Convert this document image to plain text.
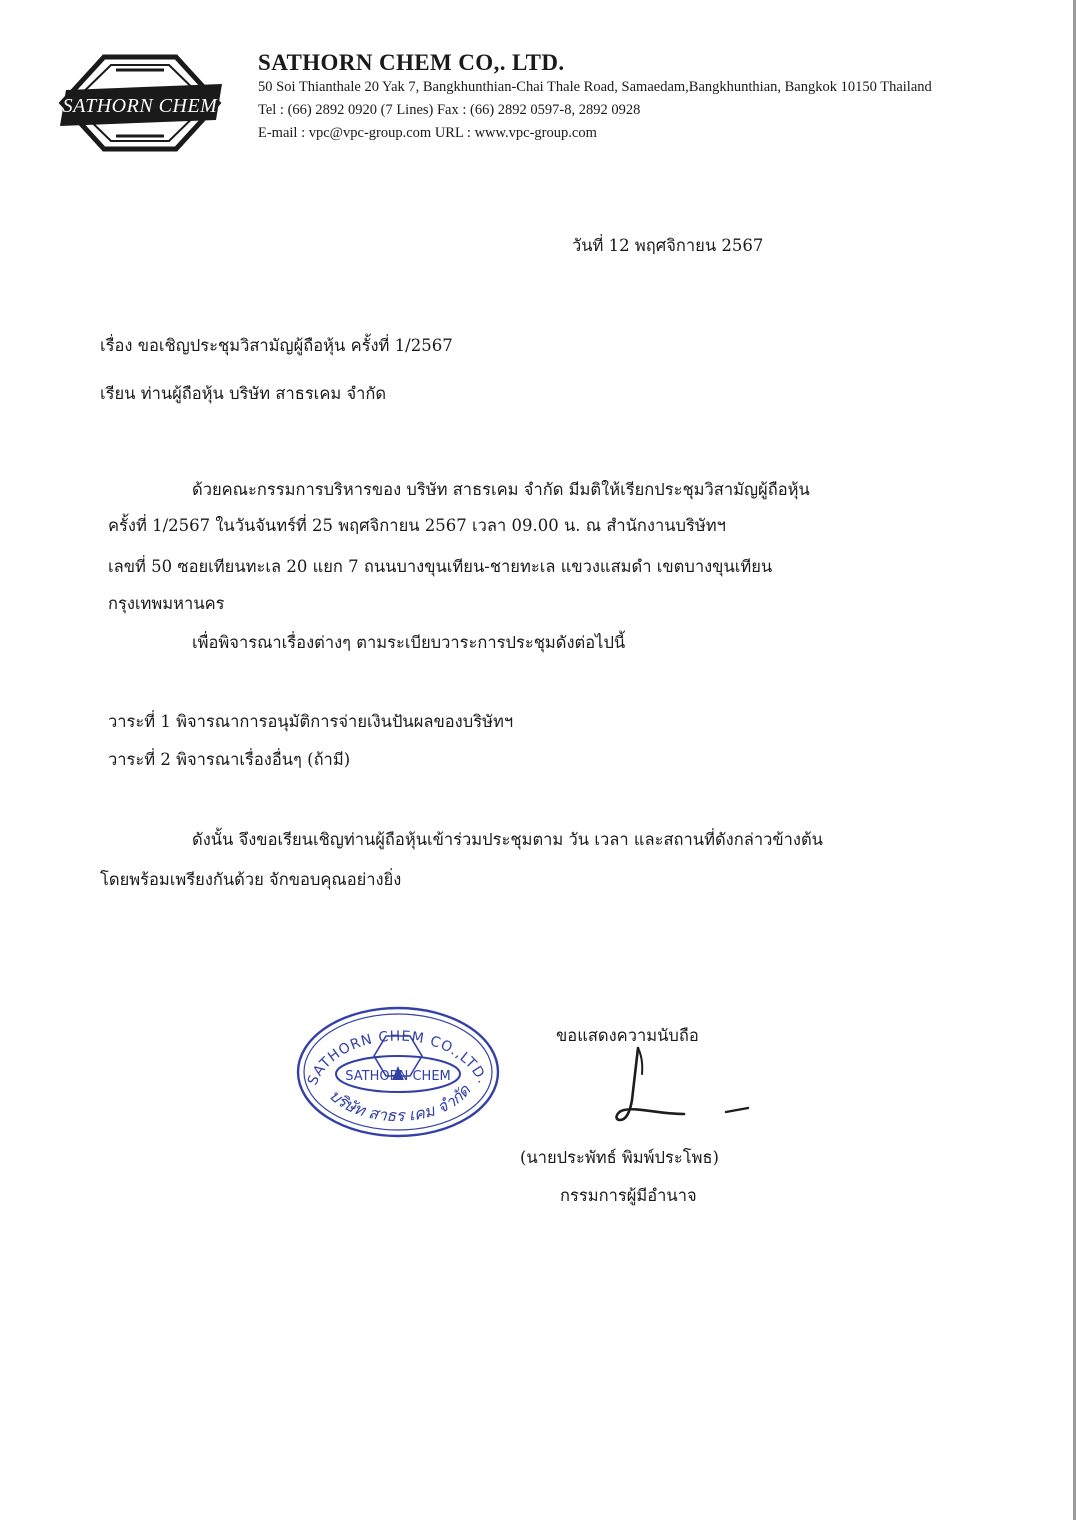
SATHORN CHEM
SATHORN CHEM CO,. LTD.
50 Soi Thianthale 20 Yak 7, Bangkhunthian-Chai Thale Road, Samaedam,Bangkhunthian, Bangkok 10150 Thailand
Tel : (66) 2892 0920 (7 Lines) Fax : (66) 2892 0597-8, 2892 0928
E-mail : vpc@vpc-group.com URL : www.vpc-group.com
วันที่ 12 พฤศจิกายน 2567
เรื่อง ขอเชิญประชุมวิสามัญผู้ถือหุ้น ครั้งที่ 1/2567
เรียน ท่านผู้ถือหุ้น บริษัท สาธรเคม จำกัด
ด้วยคณะกรรมการบริหารของ บริษัท สาธรเคม จำกัด มีมติให้เรียกประชุมวิสามัญผู้ถือหุ้น
ครั้งที่ 1/2567 ในวันจันทร์ที่ 25 พฤศจิกายน 2567 เวลา 09.00 น. ณ สำนักงานบริษัทฯ
เลขที่ 50 ซอยเทียนทะเล 20 แยก 7 ถนนบางขุนเทียน-ชายทะเล แขวงแสมดำ เขตบางขุนเทียน
กรุงเทพมหานคร
เพื่อพิจารณาเรื่องต่างๆ ตามระเบียบวาระการประชุมดังต่อไปนี้
วาระที่ 1 พิจารณาการอนุมัติการจ่ายเงินปันผลของบริษัทฯ
วาระที่ 2 พิจารณาเรื่องอื่นๆ (ถ้ามี)
ดังนั้น จึงขอเรียนเชิญท่านผู้ถือหุ้นเข้าร่วมประชุมตาม วัน เวลา และสถานที่ดังกล่าวข้างต้น
โดยพร้อมเพรียงกันด้วย จักขอบคุณอย่างยิ่ง
SATHORN CHEM CO.,LTD.
SATHORN CHEM
บริษัท สาธร เคม จำกัด
ขอแสดงความนับถือ
(นายประพัทธ์ พิมพ์ประโพธ)
กรรมการผู้มีอำนาจ
